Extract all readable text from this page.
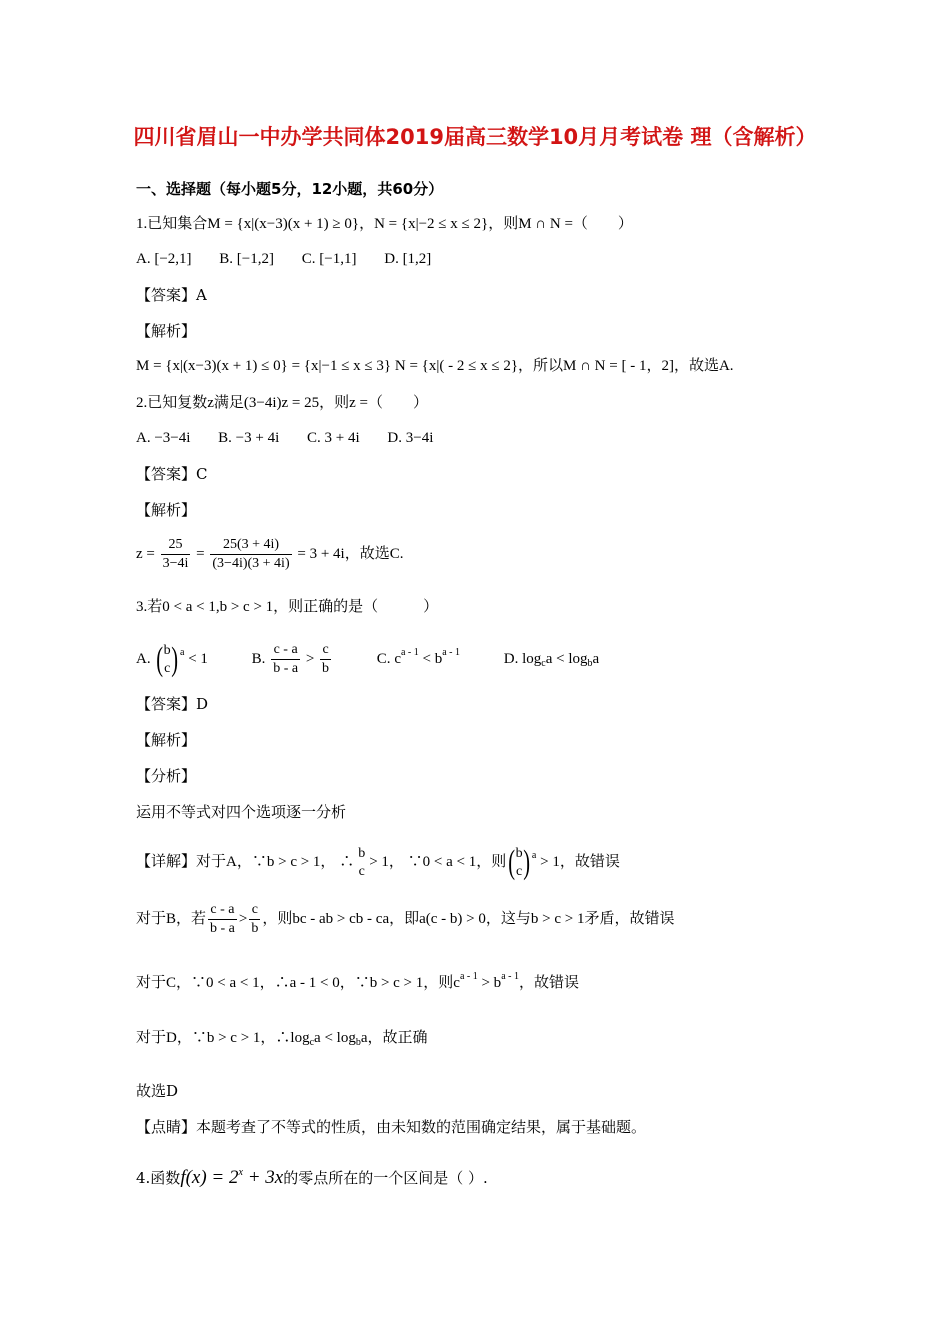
四川省眉山一中办学共同体2019届高三数学10月月考试卷 理（含解析）
一、选择题（每小题5分，12小题，共60分）
1.已知集合M = {x|(x−3)(x + 1) ≥ 0}，N = {x|−2 ≤ x ≤ 2}，则M ∩ N =（　　）
A. [−2,1] B. [−1,2] C. [−1,1] D. [1,2]
【答案】A
【解析】
M = {x|(x−3)(x + 1) ≤ 0} = {x|−1 ≤ x ≤ 3} N = {x|( - 2 ≤ x ≤ 2}，所以M ∩ N = [ - 1，2]，故选A.
2.已知复数z满足(3−4i)z = 25，则z =（　　）
A. −3−4i B. −3 + 4i C. 3 + 4i D. 3−4i
【答案】C
【解析】
$z = \frac{25}{3-4i} = \frac{25(3 + 4i)}{(3-4i)(3 + 4i)} = 3 + 4i$，故选C.
3.若0 < a < 1,b > c > 1，则正确的是（　　　）
A. ( b
c ) $^a$ < 1	B. $\frac{c - a}{b - a} > \frac{c}{b}$	C. $c^{a - 1} < b^{a - 1}$	D. $\log_ca < \log_ba$
【答案】D
【解析】
【分析】
运用不等式对四个选项逐一分析
【详解】对于A，∵b > c > 1， ∴
b
c
> 1， ∵0 < a < 1，则( b
c ) $^a$ > 1，故错误
对于B，若 $\frac{c - a}{b - a} > \frac{c}{b}$ ，则bc - ab > cb - ca，即a(c - b) > 0，这与b > c > 1矛盾，故错误
对于C，∵0 < a < 1，∴a - 1 < 0，∵b > c > 1，则$c^{a - 1} > b^{a - 1}$，故错误
对于D，∵b > c > 1，$\therefore\log_ca < \log_ba$，故正确
故选D
【点睛】本题考查了不等式的性质，由未知数的范围确定结果，属于基础题。
4.函数$f(x) = 2^x + 3x$的零点所在的一个区间是（ ）.
